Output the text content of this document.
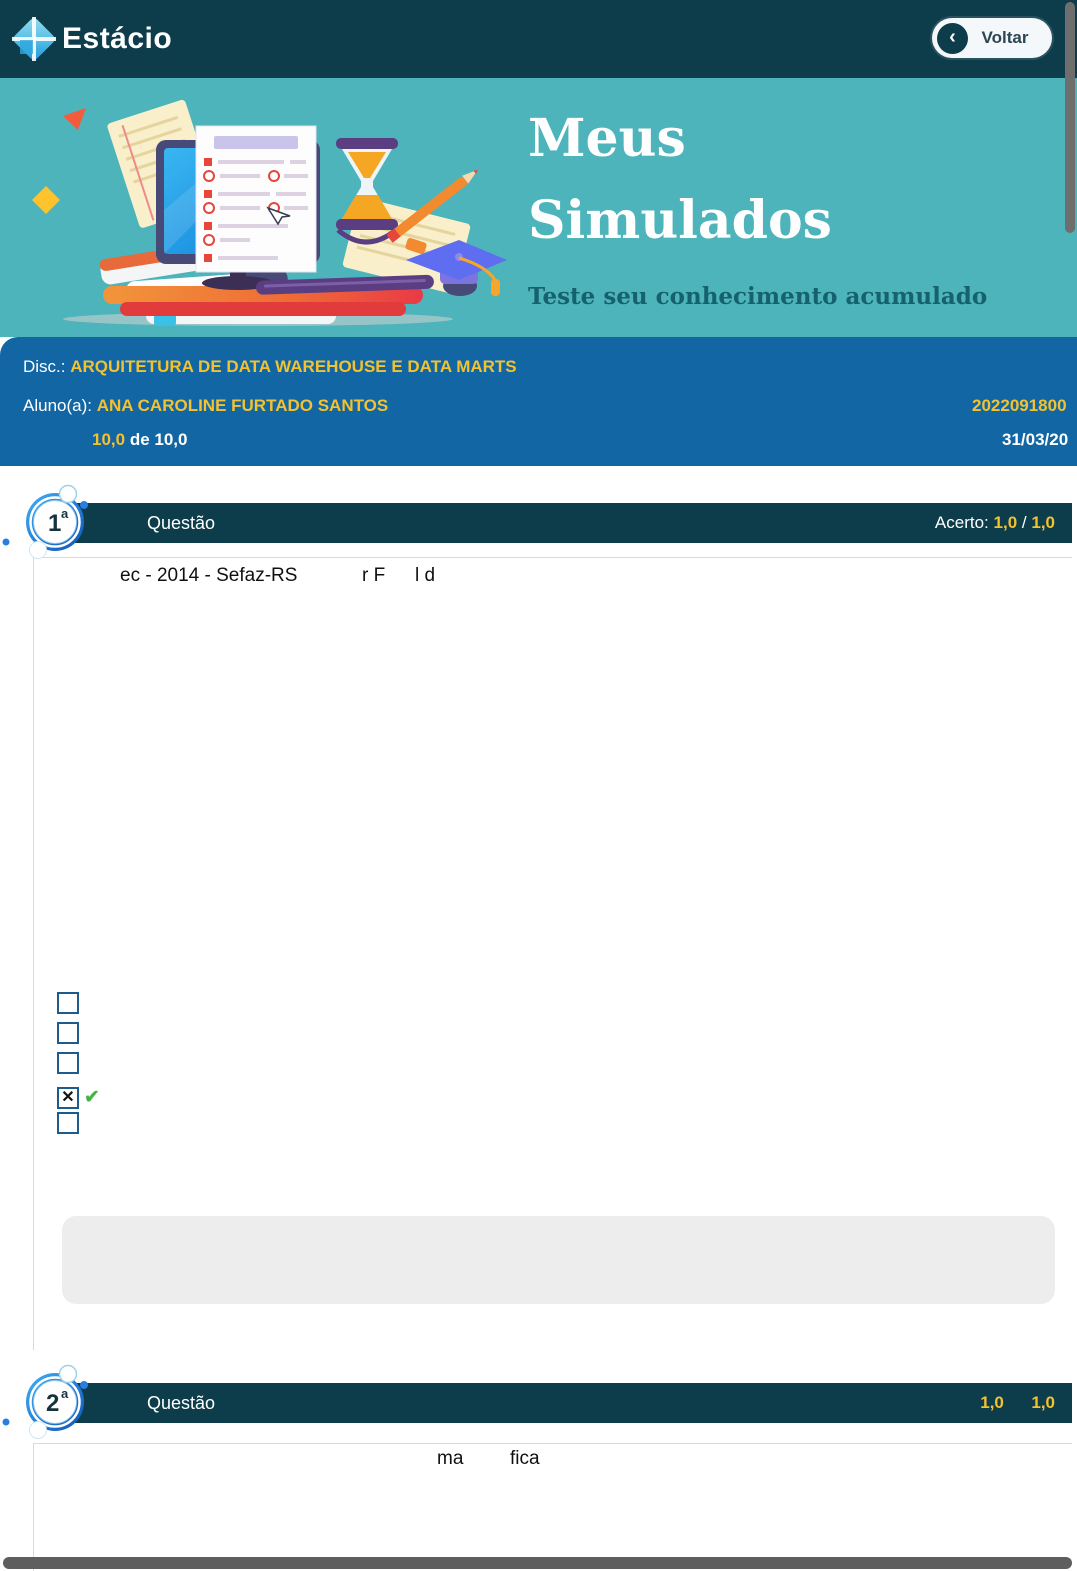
Estácio	‹	Voltar
Meus
Simulados
Teste seu conhecimento acumulado
Disc.: ARQUITETURA DE DATA WAREHOUSE E DATA MARTS
Aluno(a): ANA CAROLINE FURTADO SANTOS	2022091800
10,0 de 10,0	31/03/20
Questão	Acerto: 1,0 / 1,0
1 a
ec - 2014 - Sefaz-RS	r F l d
✕ ✔
Questão	1,0 1,0
2 a
ma fica
